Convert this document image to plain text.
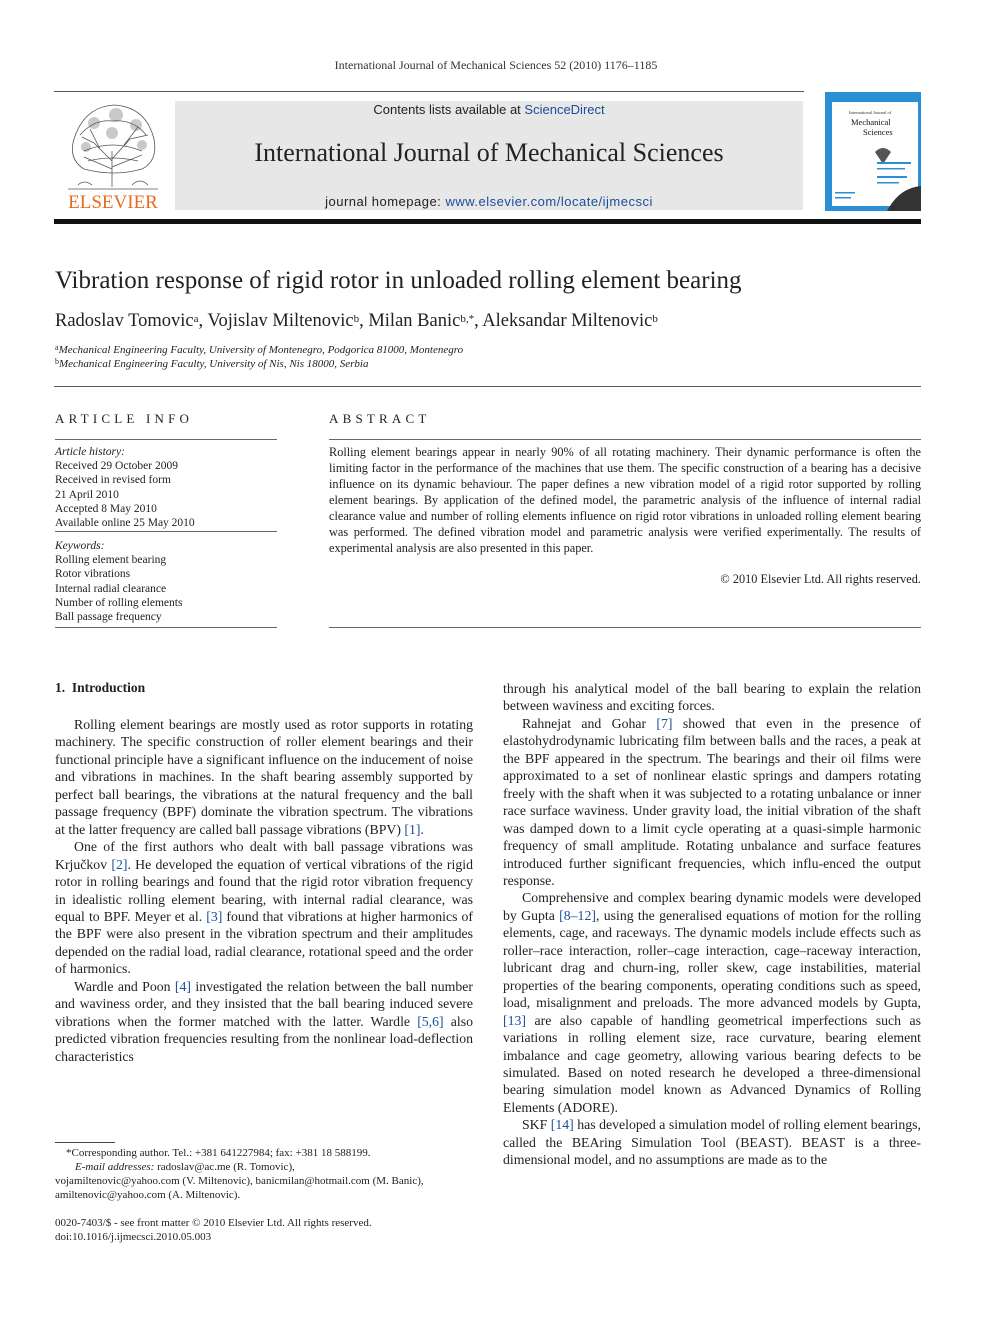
International Journal of Mechanical Sciences 52 (2010) 1176–1185
ELSEVIER
Contents lists available at ScienceDirect
International Journal of Mechanical Sciences
journal homepage: www.elsevier.com/locate/ijmecsci
International Journal of
Mechanical
Sciences
Vibration response of rigid rotor in unloaded rolling element bearing
Radoslav Tomovic$^a$, Vojislav Miltenovic$^b$, Milan Banic$^{b,*}$, Aleksandar Miltenovic$^b$
$^a$Mechanical Engineering Faculty, University of Montenegro, Podgorica 81000, Montenegro
$^b$Mechanical Engineering Faculty, University of Nis, Nis 18000, Serbia
ARTICLE INFO
Article history:
Received 29 October 2009
Received in revised form
21 April 2010
Accepted 8 May 2010
Available online 25 May 2010
Keywords:
Rolling element bearing
Rotor vibrations
Internal radial clearance
Number of rolling elements
Ball passage frequency
ABSTRACT
Rolling element bearings appear in nearly 90% of all rotating machinery. Their dynamic performance is often the limiting factor in the performance of the machines that use them. The specific construction of a bearing has a decisive influence on its dynamic behaviour. The paper defines a new vibration model of a rigid rotor supported by rolling element bearings. By application of the defined model, the parametric analysis of the influence of internal radial clearance value and number of rolling elements influence on rigid rotor vibrations in unloaded rolling element bearing was performed. The defined vibration model and parametric analysis were verified experimentally. The results of experimental analysis are also presented in this paper.
© 2010 Elsevier Ltd. All rights reserved.
1. Introduction

Rolling element bearings are mostly used as rotor supports in rotating machinery. The specific construction of roller element bearings and their functional principle have a significant influence on the inducement of noise and vibrations in machines. In the shaft bearing assembly supported by perfect ball bearings, the vibrations at the natural frequency and the ball passage frequency (BPF) dominate the vibration spectrum. The vibrations at the latter frequency are called ball passage vibrations (BPV) [1].

One of the first authors who dealt with ball passage vibrations was Krjučkov [2]. He developed the equation of vertical vibrations of the rigid rotor in rolling bearings and found that the rigid rotor vibration frequency in idealistic rolling element bearing, with internal radial clearance, was equal to BPF. Meyer et al. [3] found that vibrations at higher harmonics of the BPF were also present in the vibration spectrum and their amplitudes depended on the radial load, radial clearance, rotational speed and the order of harmonics.

Wardle and Poon [4] investigated the relation between the ball number and waviness order, and they insisted that the ball bearing induced severe vibrations when the former matched with the latter. Wardle [5,6] also predicted vibration frequencies resulting from the nonlinear load-deflection characteristics

through his analytical model of the ball bearing to explain the relation between waviness and exciting forces.

Rahnejat and Gohar [7] showed that even in the presence of elastohydrodynamic lubricating film between balls and the races, a peak at the BPF appeared in the spectrum. The bearings and their oil films were approximated to a set of nonlinear elastic springs and dampers rotating freely with the shaft when it was subjected to a rotating unbalance or inner race surface waviness. Under gravity load, the initial vibration of the shaft was damped down to a limit cycle operating at a quasi-simple harmonic frequency of small amplitude. Rotating unbalance and surface features introduced further significant frequencies, which influ-enced the output response.

Comprehensive and complex bearing dynamic models were developed by Gupta [8–12], using the generalised equations of motion for the rolling elements, cage, and raceways. The dynamic models include effects such as roller–race interaction, roller–cage interaction, cage–raceway interaction, lubricant drag and churn-ing, roller skew, cage instabilities, material properties of the bearing components, operating conditions such as speed, load, misalignment and preloads. The more advanced models by Gupta, [13] are also capable of handling geometrical imperfections such as variations in rolling element size, race curvature, bearing element imbalance and cage geometry, allowing various bearing defects to be simulated. Based on noted research he developed a three-dimensional bearing simulation model known as Advanced Dynamics of Rolling Elements (ADORE).

SKF [14] has developed a simulation model of rolling element bearings, called the BEAring Simulation Tool (BEAST). BEAST is a three-dimensional model, and no assumptions are made as to the

*Corresponding author. Tel.: +381 641227984; fax: +381 18 588199.
E-mail addresses: radoslav@ac.me (R. Tomovic),
vojamiltenovic@yahoo.com (V. Miltenovic), banicmilan@hotmail.com (M. Banic),
amiltenovic@yahoo.com (A. Miltenovic).
0020-7403/$ - see front matter © 2010 Elsevier Ltd. All rights reserved.
doi:10.1016/j.ijmecsci.2010.05.003
